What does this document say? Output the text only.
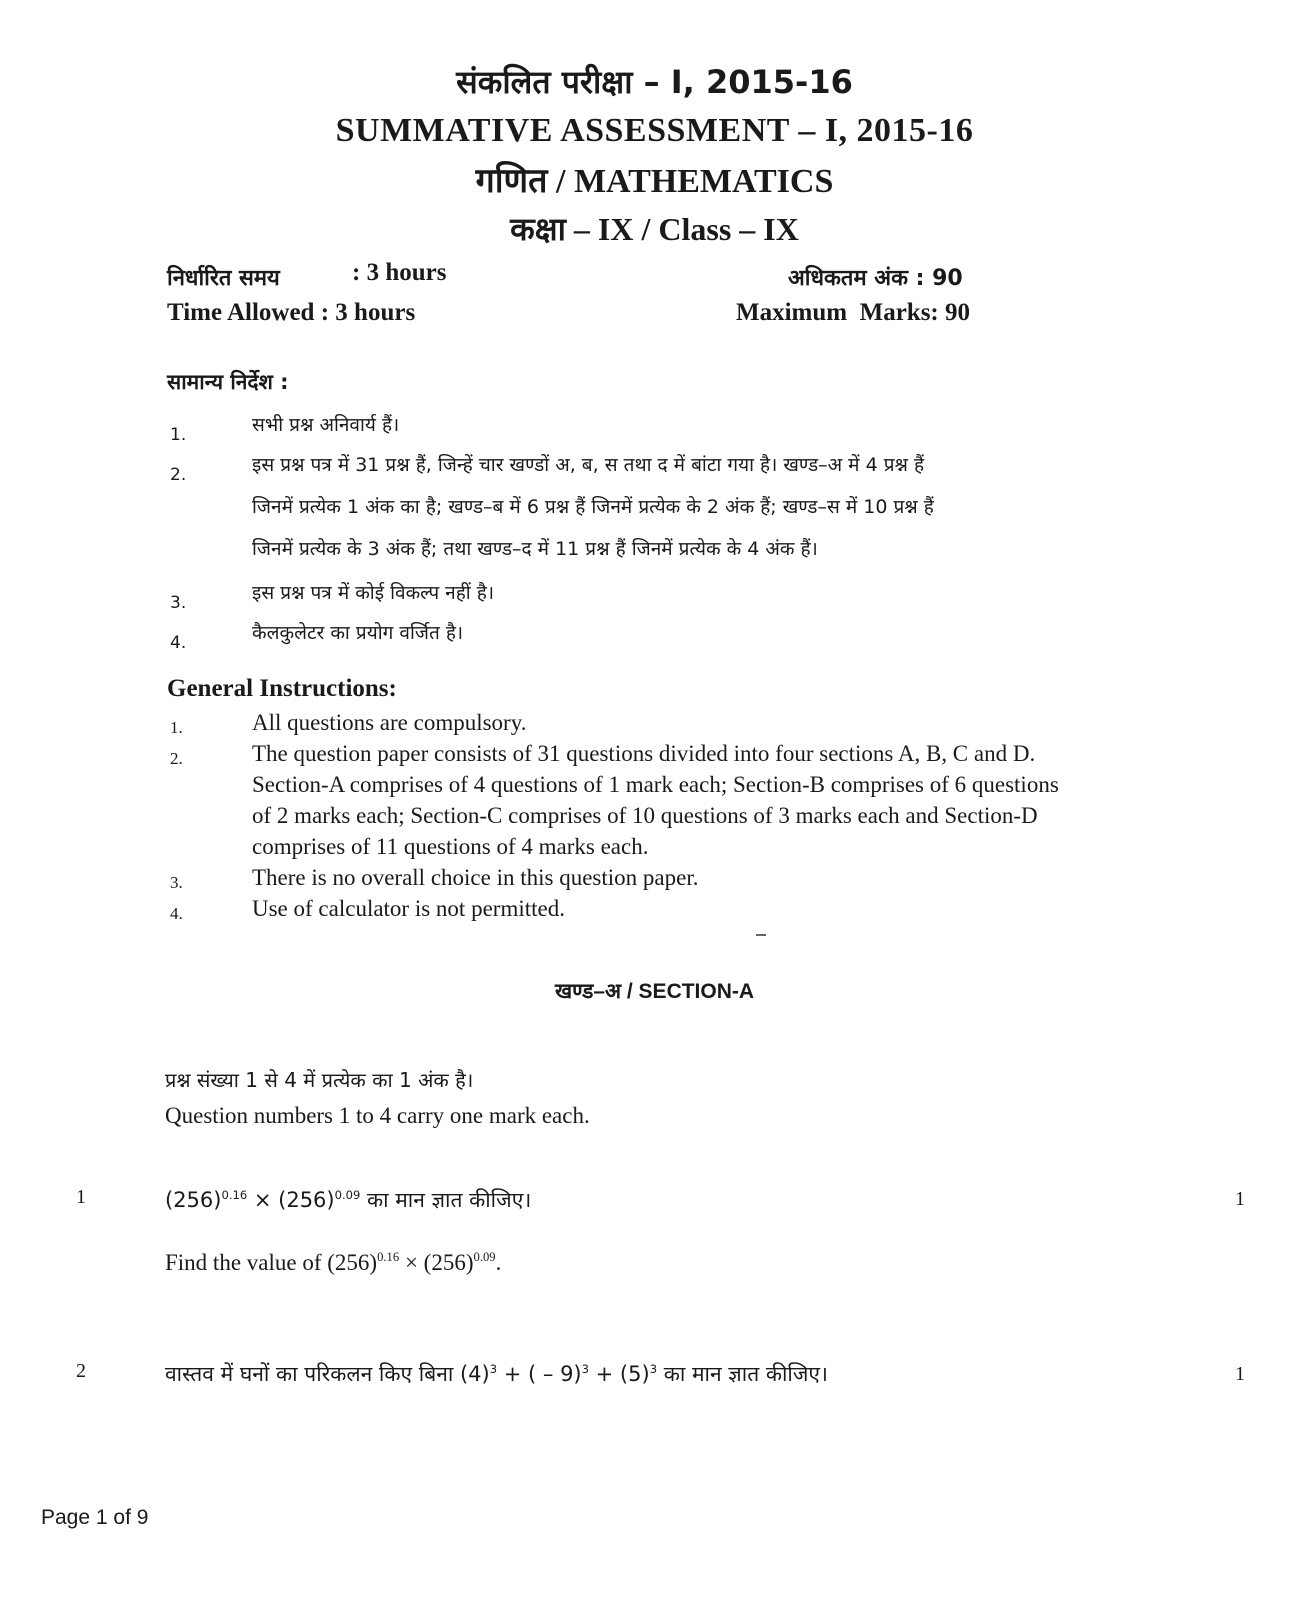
संकलित परीक्षा – I, 2015-16
SUMMATIVE ASSESSMENT – I, 2015-16
गणित / MATHEMATICS
कक्षा – IX / Class – IX
निर्धारित समय	: 3 hours	अधिकतम अंक : 90
Time Allowed : 3 hours	Maximum  Marks: 90
सामान्य निर्देश :
1.	सभी प्रश्न अनिवार्य हैं।
2.	इस प्रश्न पत्र में 31 प्रश्न हैं, जिन्हें चार खण्डों अ, ब, स तथा द में बांटा गया है। खण्ड–अ में 4 प्रश्न हैं
जिनमें प्रत्येक 1 अंक का है; खण्ड–ब में 6 प्रश्न हैं जिनमें प्रत्येक के 2 अंक हैं; खण्ड–स में 10 प्रश्न हैं
जिनमें प्रत्येक के 3 अंक हैं; तथा खण्ड–द में 11 प्रश्न हैं जिनमें प्रत्येक के 4 अंक हैं।
3.	इस प्रश्न पत्र में कोई विकल्प नहीं है।
4.	कैलकुलेटर का प्रयोग वर्जित है।
General Instructions:
1.	All questions are compulsory.
2.	The question paper consists of 31 questions divided into four sections A, B, C and D.
Section-A comprises of 4 questions of 1 mark each; Section-B comprises of 6 questions
of 2 marks each; Section-C comprises of 10 questions of 3 marks each and Section-D
comprises of 11 questions of 4 marks each.
3.	There is no overall choice in this question paper.
4.	Use of calculator is not permitted.
खण्ड–अ / SECTION-A
प्रश्न संख्या 1 से 4 में प्रत्येक का 1 अंक है।
Question numbers 1 to 4 carry one mark each.
1	$(256)^{0.16} \times (256)^{0.09}$ का मान ज्ञात कीजिए।	1
Find the value of $(256)^{0.16} \times (256)^{0.09}$.
2	वास्तव में घनों का परिकलन किए बिना $(4)^3$ + ( – $9)^3 + (5)^3$ का मान ज्ञात कीजिए।	1
Page 1 of 9
